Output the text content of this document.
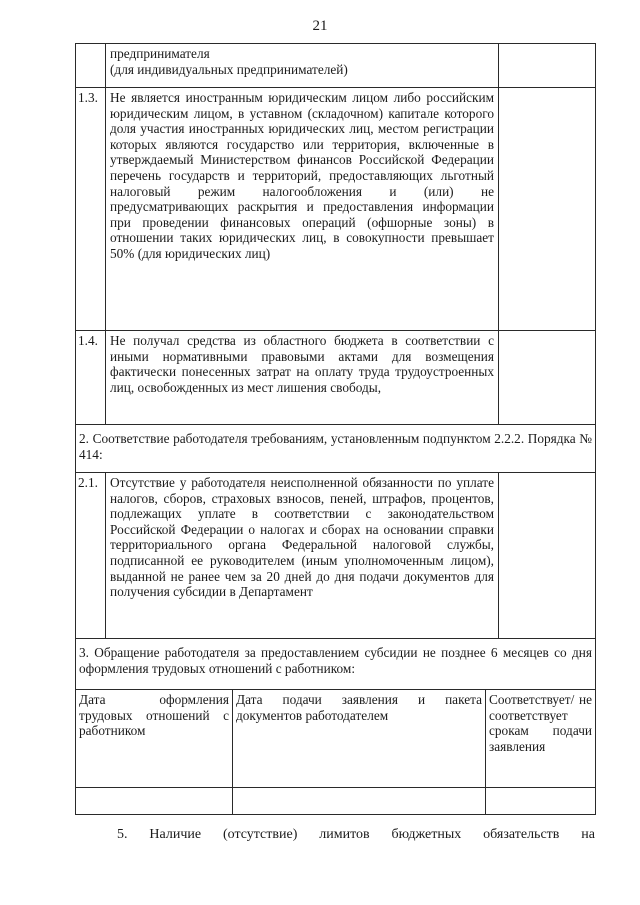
21

	предпринимателя
(для индивидуальных предпринимателей)	

1.3.	Не является иностранным юридическим лицом либо российским юридическим лицом, в уставном (складочном) капитале которого доля участия иностранных юридических лиц, местом регистрации которых являются государство или территория, включенные в утверждаемый Министерством финансов Российской Федерации перечень государств и территорий, предоставляющих льготный налоговый режим налогообложения и (или) не предусматривающих раскрытия и предоставления информации при проведении финансовых операций (офшорные зоны) в отношении таких юридических лиц, в совокупности превышает 50% (для юридических лиц)	
1.4.	Не получал средства из областного бюджета в соответствии с иными нормативными правовыми актами для возмещения фактически понесенных затрат на оплату труда трудоустроенных лиц, освобожденных из мест лишения свободы,	
2. Соответствие работодателя требованиям, установленным подпунктом 2.2.2. Порядка № 414:		
2.1.	Отсутствие у работодателя неисполненной обязанности по уплате налогов, сборов, страховых взносов, пеней, штрафов, процентов, подлежащих уплате в соответствии с законодательством Российской Федерации о налогах и сборах на основании справки территориального органа Федеральной налоговой службы, подписанной ее руководителем (иным уполномоченным лицом), выданной не ранее чем за 20 дней до дня подачи документов для получения субсидии в Департамент	
3. Обращение работодателя за предоставлением субсидии не позднее 6 месяцев со дня оформления трудовых отношений с работником:		
Дата оформления трудовых отношений с работником	Дата подачи заявления и пакета документов работодателем	Соответствует/ не соответствует срокам подачи заявления

5. Наличие (отсутствие) лимитов бюджетных обязательств на
